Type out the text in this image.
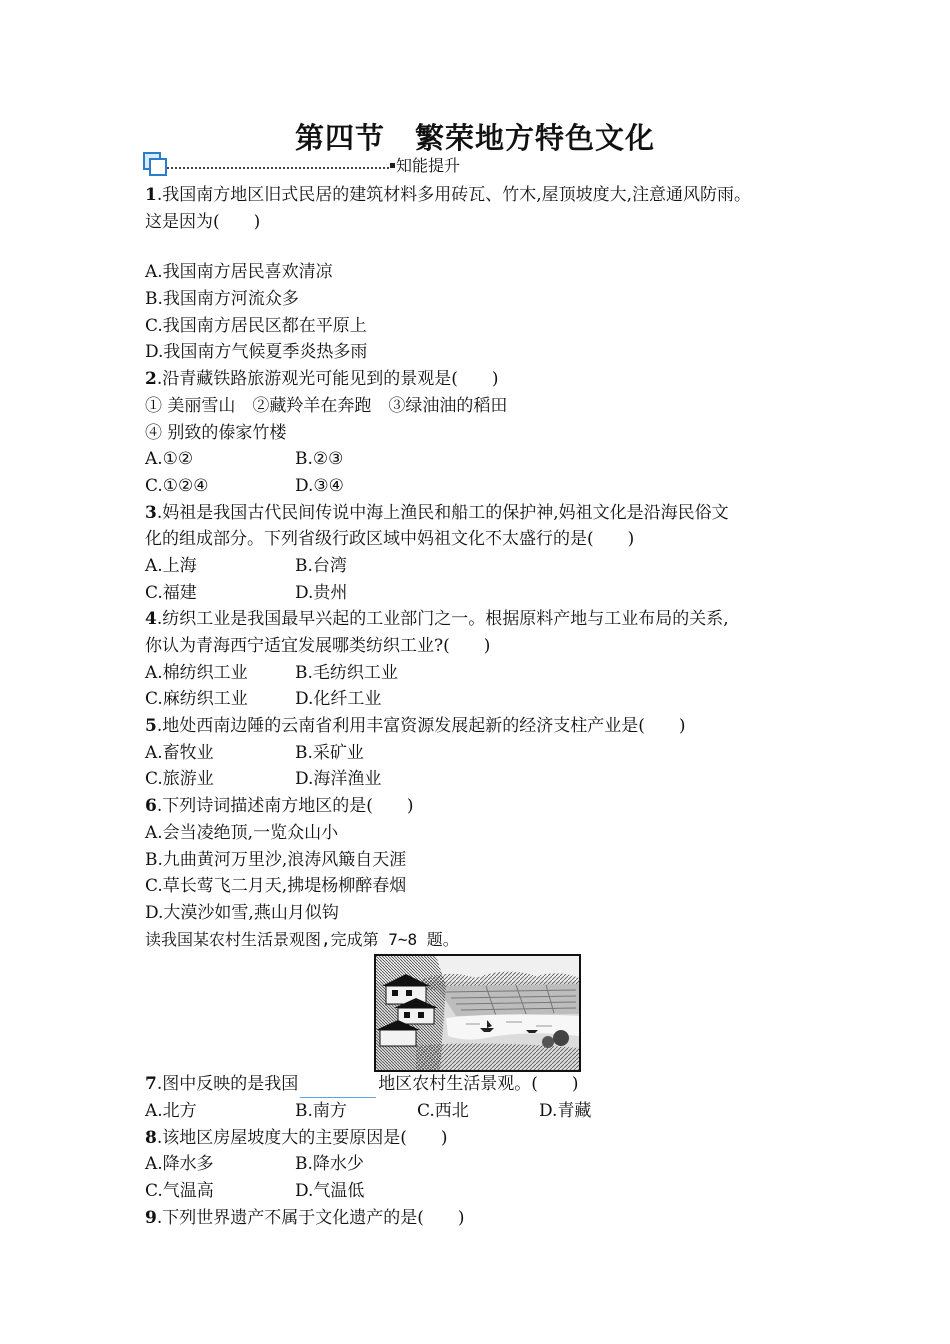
第四节　繁荣地方特色文化
知能提升
1.我国南方地区旧式民居的建筑材料多用砖瓦、竹木,屋顶坡度大,注意通风防雨。
这是因为(　　)
A.我国南方居民喜欢清凉
B.我国南方河流众多
C.我国南方居民区都在平原上
D.我国南方气候夏季炎热多雨
2.沿青藏铁路旅游观光可能见到的景观是(　　)
① 美丽雪山　②藏羚羊在奔跑　③绿油油的稻田
④ 别致的傣家竹楼
A.①②	B.②③
C.①②④	D.③④
3.妈祖是我国古代民间传说中海上渔民和船工的保护神,妈祖文化是沿海民俗文
化的组成部分。下列省级行政区域中妈祖文化不太盛行的是(　　)
A.上海	B.台湾
C.福建	D.贵州
4.纺织工业是我国最早兴起的工业部门之一。根据原料产地与工业布局的关系,
你认为青海西宁适宜发展哪类纺织工业?(　　)
A.棉纺织工业	B.毛纺织工业
C.麻纺织工业	D.化纤工业
5.地处西南边陲的云南省利用丰富资源发展起新的经济支柱产业是(　　)
A.畜牧业	B.采矿业
C.旅游业	D.海洋渔业
6.下列诗词描述南方地区的是(　　)
A.会当凌绝顶,一览众山小
B.九曲黄河万里沙,浪涛风簸自天涯
C.草长莺飞二月天,拂堤杨柳醉春烟
D.大漠沙如雪,燕山月似钩
读我国某农村生活景观图,完成第 7~8 题。
7.图中反映的是我国	地区农村生活景观。(　　)
A.北方	B.南方	C.西北	D.青藏
8.该地区房屋坡度大的主要原因是(　　)
A.降水多	B.降水少
C.气温高	D.气温低
9.下列世界遗产不属于文化遗产的是(　　)
